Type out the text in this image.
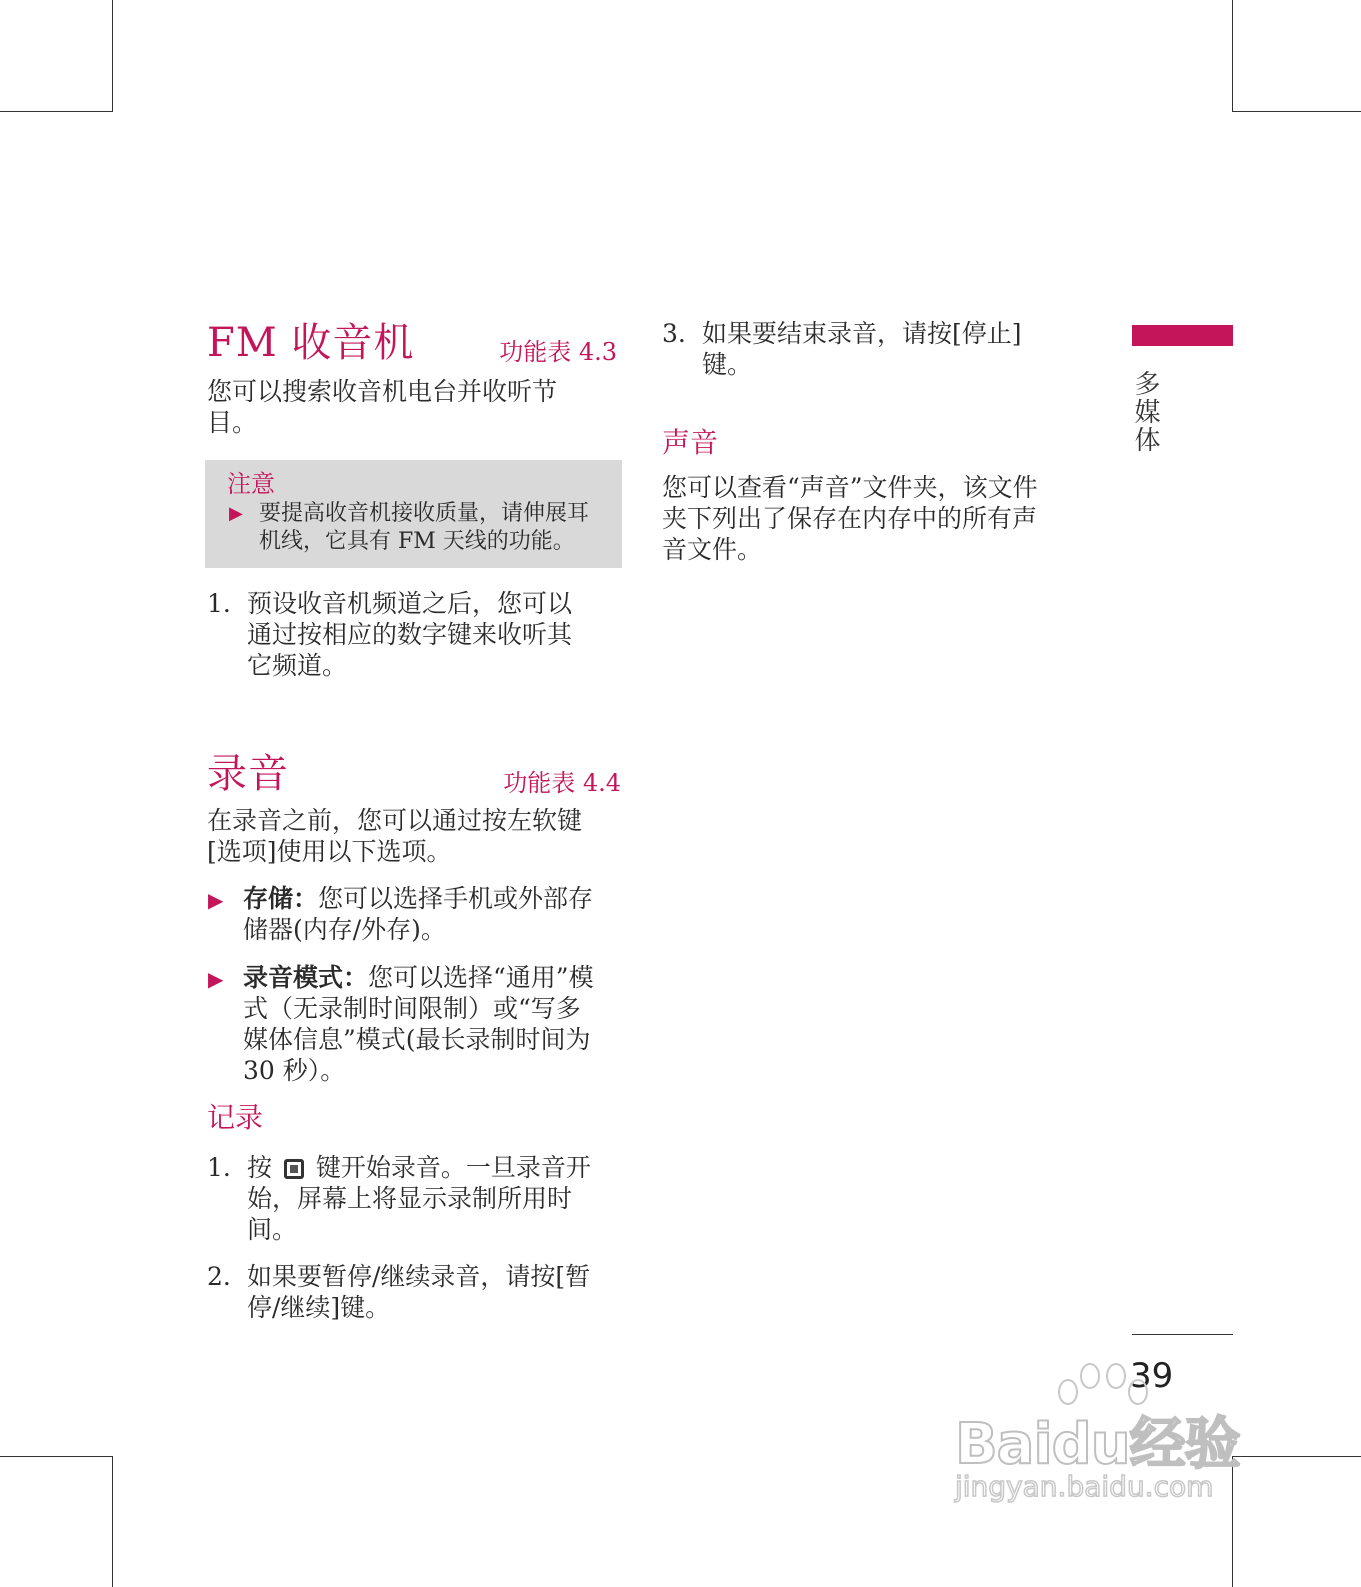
FM 收音机	功能表 4.3

您可以搜索收音机电台并收听节目。

注意
▶ 要提高收音机接收质量，请伸展耳机线，它具有 FM 天线的功能。
1. 预设收音机频道之后，您可以通过按相应的数字键来收听其它频道。
录音	功能表 4.4

在录音之前，您可以通过按左软键[选项]使用以下选项。

▶ 存储：您可以选择手机或外部存储器(内存/外存)。
▶ 录音模式：您可以选择“通用”模式（无录制时间限制）或“写多媒体信息”模式(最长录制时间为 30 秒）。

记录

1. 按 键开始录音。一旦录音开始，屏幕上将显示录制所用时间。
2. 如果要暂停/继续录音，请按[暂停/继续]键。
3. 如果要结束录音，请按[停止]键。

声音

您可以查看“声音”文件夹，该文件夹下列出了保存在内存中的所有声音文件。

多媒体
39
Baidu经验
jingyan.baidu.com
